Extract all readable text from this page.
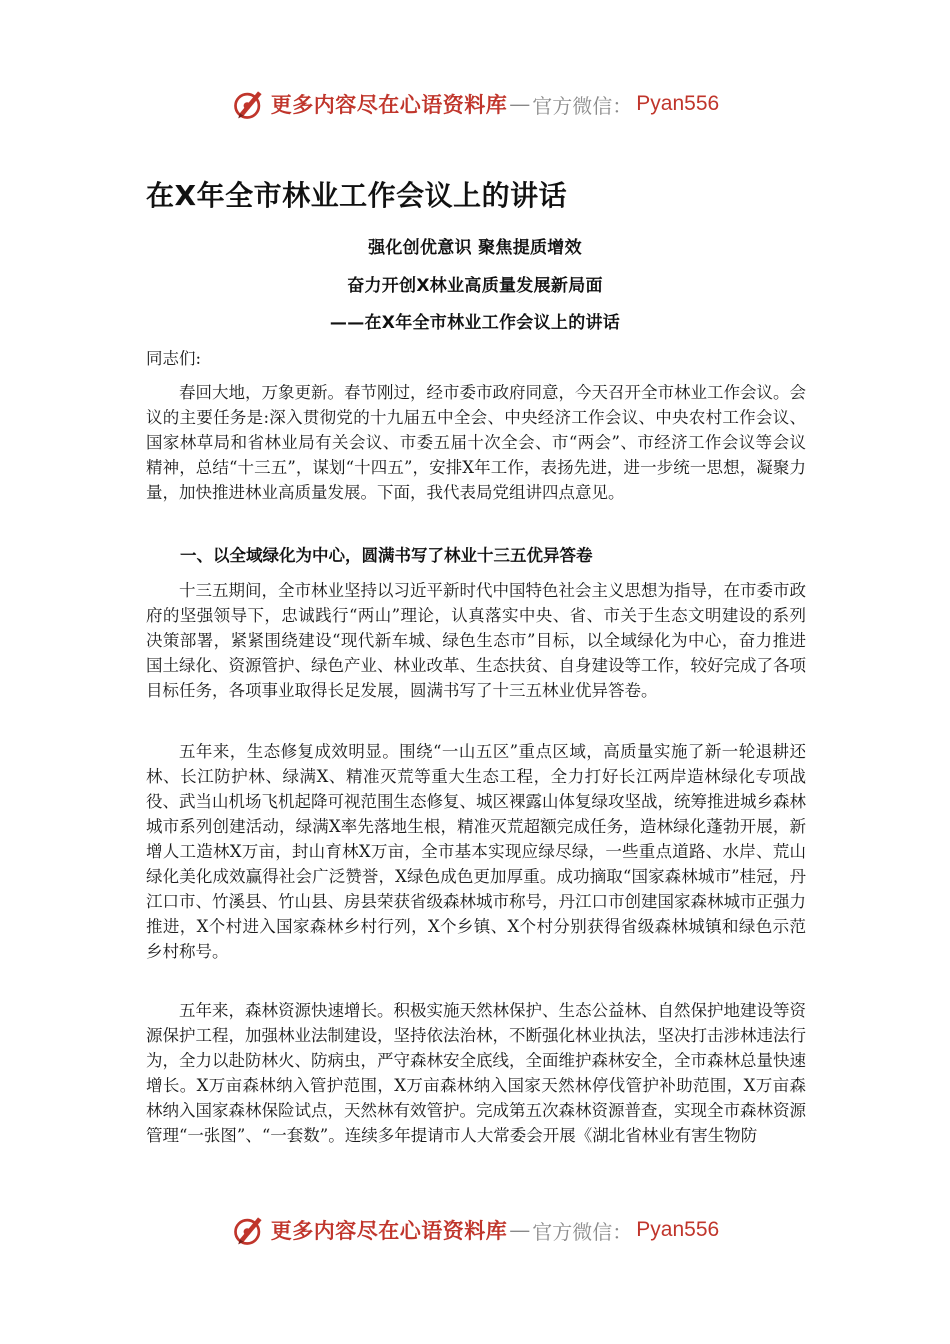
更多内容尽在心语资料库 — 官方微信： Pyan556
在X年全市林业工作会议上的讲话
强化创优意识 聚焦提质增效
奋力开创X林业高质量发展新局面
——在X年全市林业工作会议上的讲话
同志们:

春回大地，万象更新。春节刚过，经市委市政府同意，今天召开全市林业工作会议。会议的主要任务是:深入贯彻党的十九届五中全会、中央经济工作会议、中央农村工作会议、国家林草局和省林业局有关会议、市委五届十次全会、市“两会”、市经济工作会议等会议精神，总结“十三五”，谋划“十四五”，安排X年工作，表扬先进，进一步统一思想，凝聚力量，加快推进林业高质量发展。下面，我代表局党组讲四点意见。

一、以全域绿化为中心，圆满书写了林业十三五优异答卷

十三五期间，全市林业坚持以习近平新时代中国特色社会主义思想为指导，在市委市政府的坚强领导下，忠诚践行“两山”理论，认真落实中央、省、市关于生态文明建设的系列决策部署，紧紧围绕建设“现代新车城、绿色生态市”目标，以全域绿化为中心，奋力推进国土绿化、资源管护、绿色产业、林业改革、生态扶贫、自身建设等工作，较好完成了各项目标任务，各项事业取得长足发展，圆满书写了十三五林业优异答卷。

五年来，生态修复成效明显。围绕“一山五区”重点区域，高质量实施了新一轮退耕还林、长江防护林、绿满X、精准灭荒等重大生态工程，全力打好长江两岸造林绿化专项战役、武当山机场飞机起降可视范围生态修复、城区裸露山体复绿攻坚战，统筹推进城乡森林城市系列创建活动，绿满X率先落地生根，精准灭荒超额完成任务，造林绿化蓬勃开展，新增人工造林X万亩，封山育林X万亩，全市基本实现应绿尽绿，一些重点道路、水岸、荒山绿化美化成效赢得社会广泛赞誉，X绿色成色更加厚重。成功摘取“国家森林城市”桂冠，丹江口市、竹溪县、竹山县、房县荣获省级森林城市称号，丹江口市创建国家森林城市正强力推进，X个村进入国家森林乡村行列，X个乡镇、X个村分别获得省级森林城镇和绿色示范乡村称号。

五年来，森林资源快速增长。积极实施天然林保护、生态公益林、自然保护地建设等资源保护工程，加强林业法制建设，坚持依法治林，不断强化林业执法，坚决打击涉林违法行为，全力以赴防林火、防病虫，严守森林安全底线，全面维护森林安全，全市森林总量快速增长。X万亩森林纳入管护范围，X万亩森林纳入国家天然林停伐管护补助范围，X万亩森林纳入国家森林保险试点，天然林有效管护。完成第五次森林资源普查，实现全市森林资源管理“一张图”、“一套数”。连续多年提请市人大常委会开展《湖北省林业有害生物防

更多内容尽在心语资料库 — 官方微信： Pyan556
